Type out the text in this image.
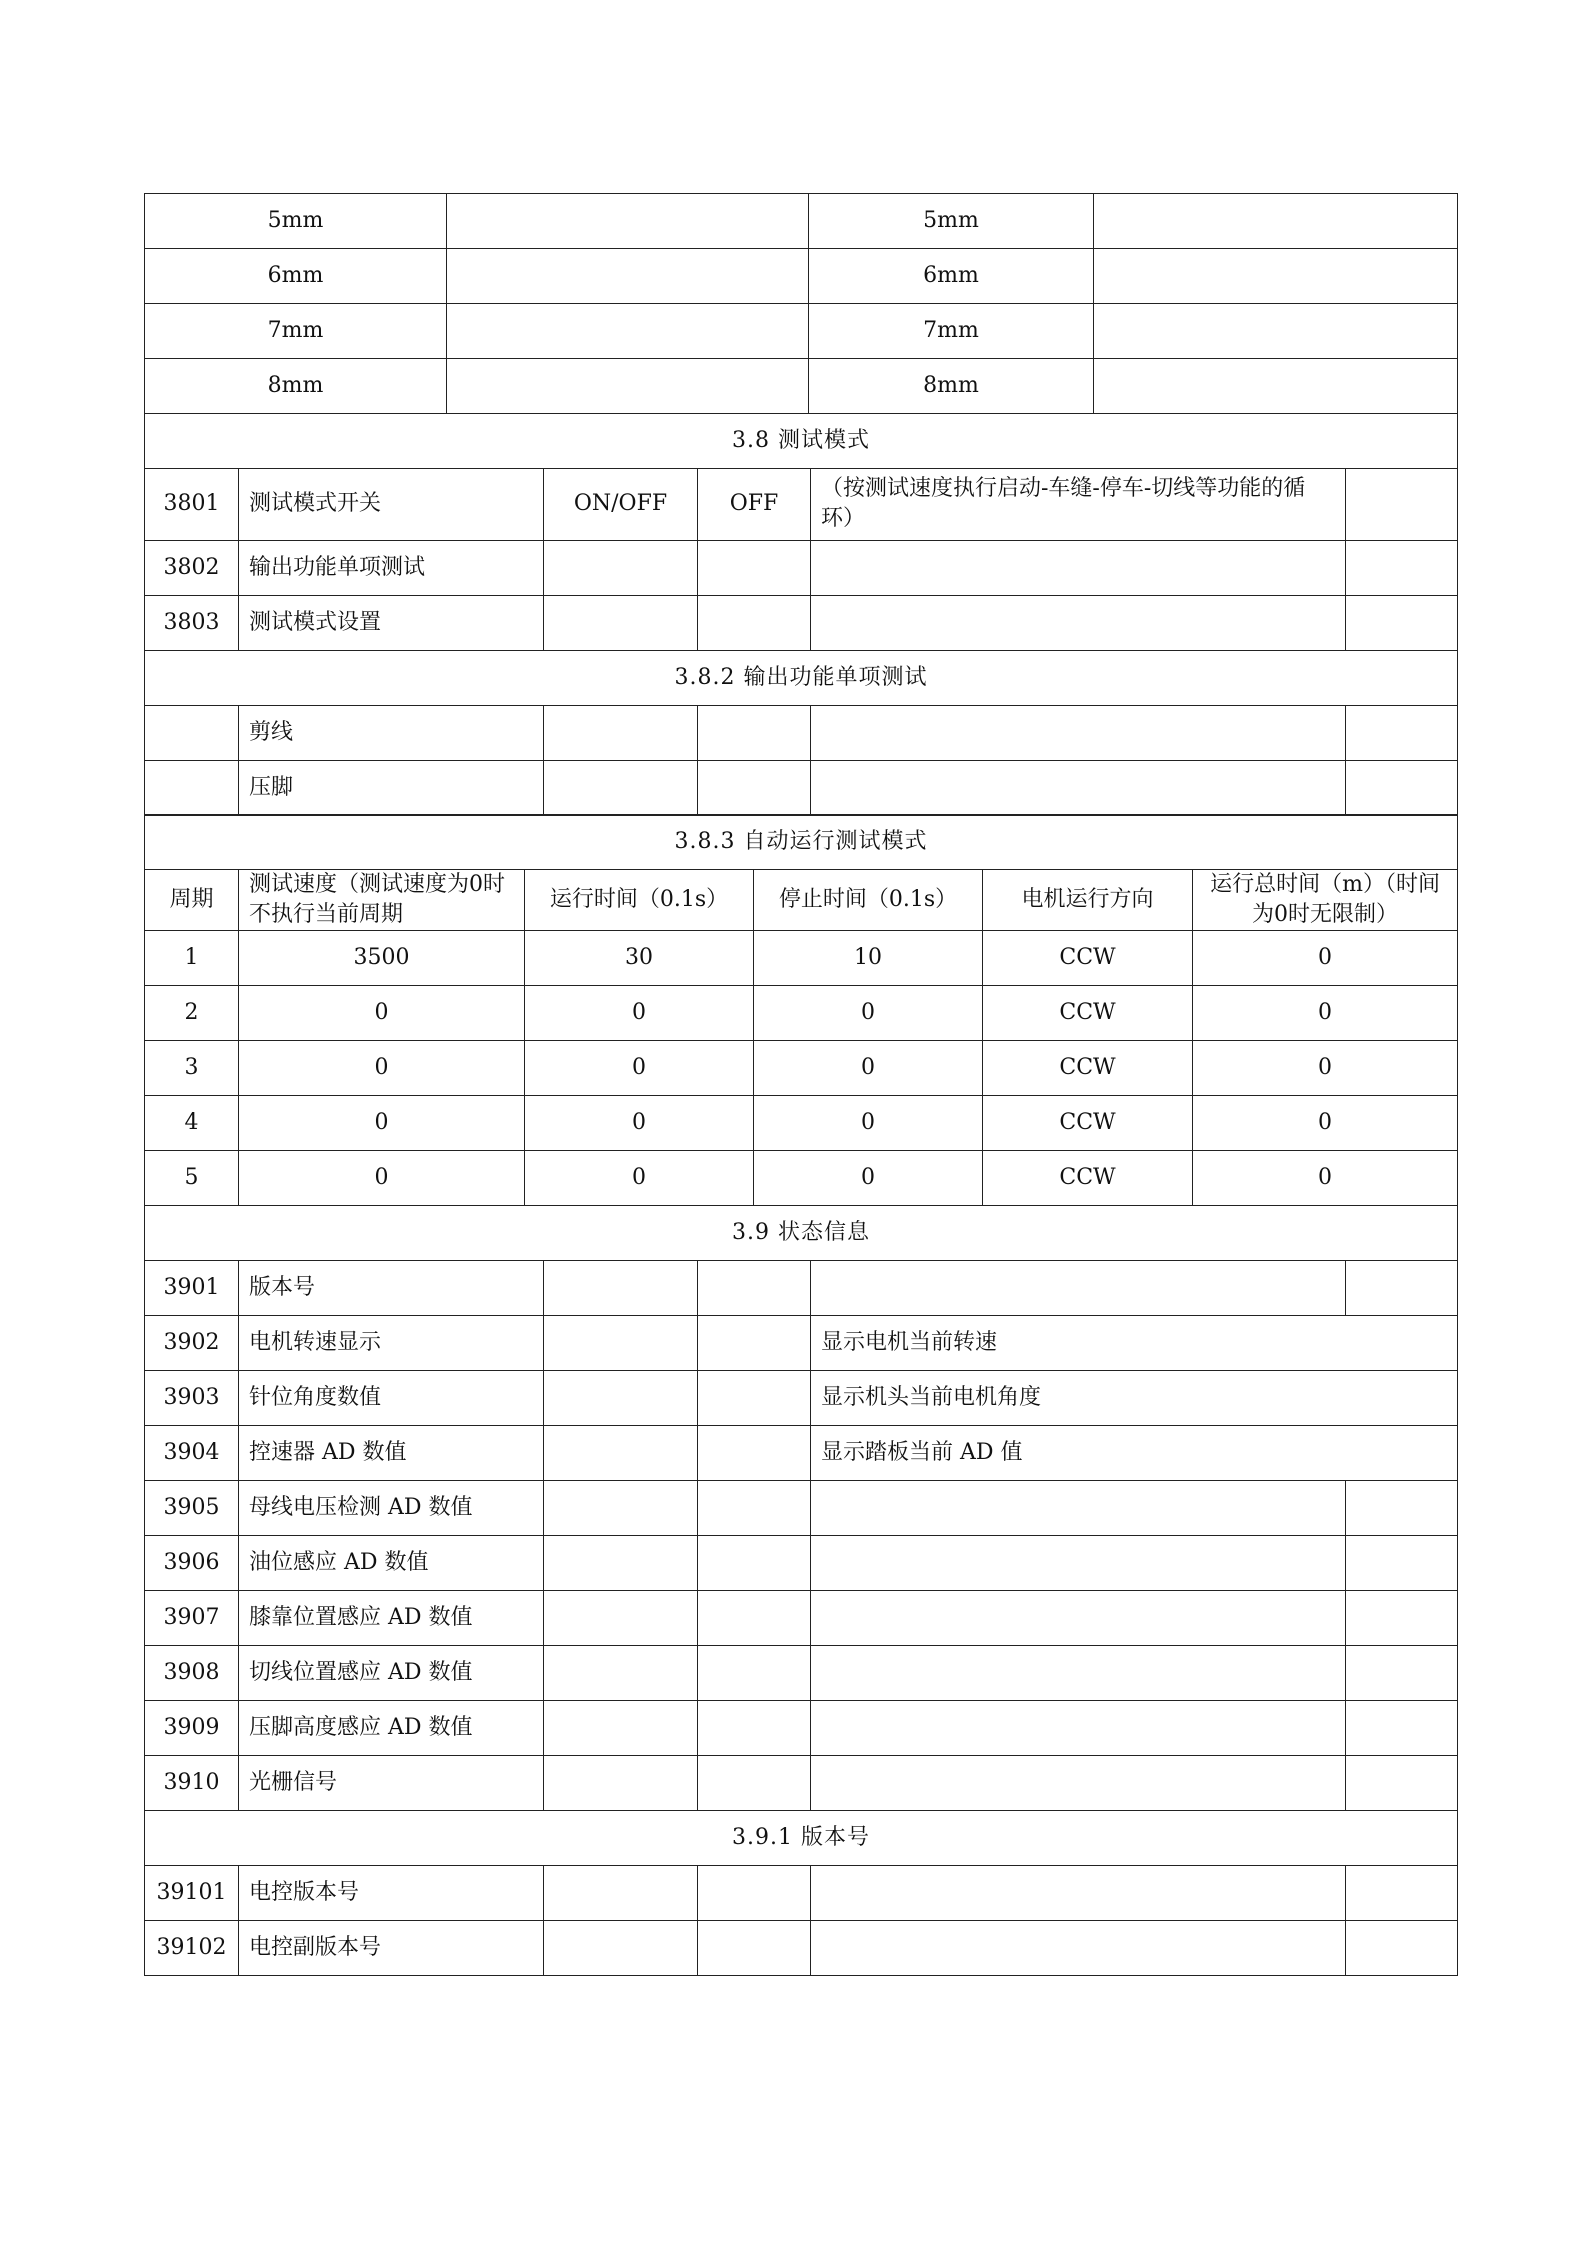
5mm		5mm	
6mm		6mm	
7mm		7mm	
8mm		8mm	
3.8 测试模式					
3801	测试模式开关	ON/OFF	OFF	（按测试速度执行启动-车缝-停车-切线等功能的循环）	
3802	输出功能单项测试				
3803	测试模式设置				
3.8.2 输出功能单项测试					
	剪线				
	压脚				
3.8.3 自动运行测试模式					
周期	测试速度（测试速度为0时不执行当前周期	运行时间（0.1s）	停止时间（0.1s）	电机运行方向	运行总时间（m）（时间为0时无限制）
1	3500	30	10	CCW	0
2	0	0	0	CCW	0
3	0	0	0	CCW	0
4	0	0	0	CCW	0
5	0	0	0	CCW	0
3.9 状态信息					
3901	版本号				
3902	电机转速显示			显示电机当前转速	
3903	针位角度数值			显示机头当前电机角度	
3904	控速器 AD 数值			显示踏板当前 AD 值	
3905	母线电压检测 AD 数值				
3906	油位感应 AD 数值				
3907	膝靠位置感应 AD 数值				
3908	切线位置感应 AD 数值				
3909	压脚高度感应 AD 数值				
3910	光栅信号				
3.9.1 版本号					
39101	电控版本号				
39102	电控副版本号				
